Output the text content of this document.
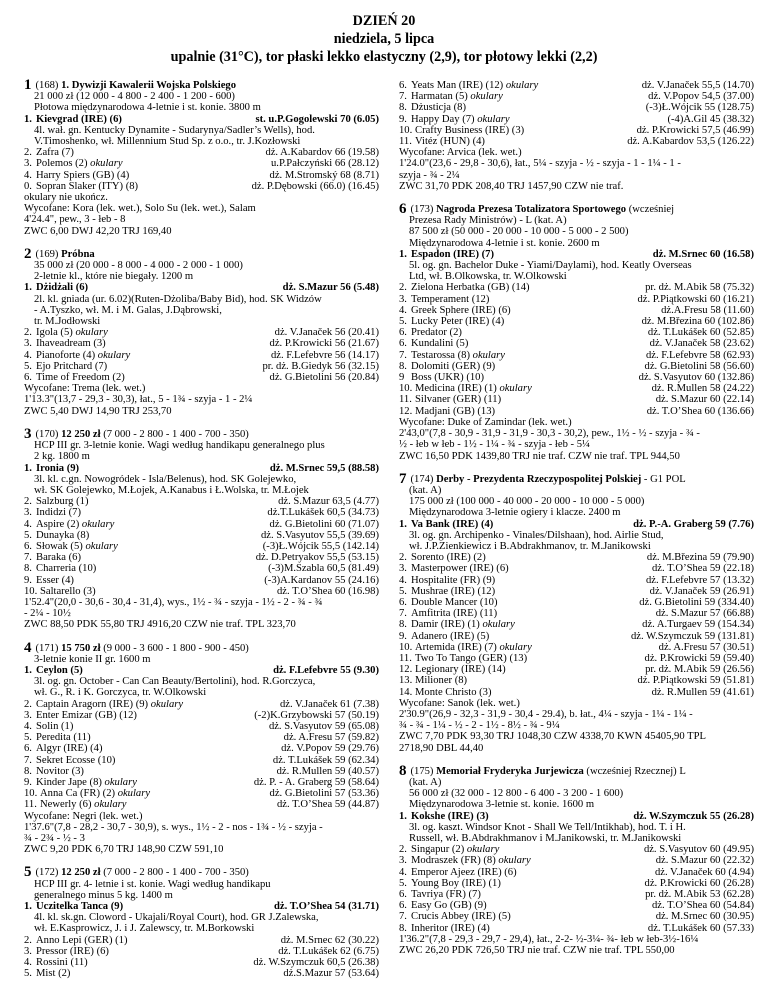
DZIEŃ 20
niedziela, 5 lipca
upalnie (31°C), tor płaski lekko elastyczny (2,9), tor płotowy lekki (2,2)
1 (168) 1. Dywizji Kawalerii Wojska Polskiego
21 000 zł (12 000 - 4 800 - 2 400 - 1 200 - 600)
Płotowa międzynarodowa 4-letnie i st. konie. 3800 m
1. Kievgrad (IRE) (6)	st. u.P.Gogolewski 70 (6.05)
4l. wał. gn. Kentucky Dynamite - Sudarynya/Sadler’s Wells), hod.
V.Timoshenko, wł. Millennium Stud Sp. z o.o., tr. J.Kozłowski
2. Zafra (7)	dż. A.Kabardov 66 (19.58)
3. Polemos (2) okulary	u.P.Pałczyński 66 (28.12)
4. Harry Spiers (GB) (4)	dż. M.Stromský 68 (8.71)
0. Sopran Slaker (ITY) (8)	dż. P.Dębowski (66.0) (16.45)
okulary nie ukończ.
Wycofane: Kora (lek. wet.), Solo Su (lek. wet.), Salam
4'24.4", pew., 3 - łeb - 8
ZWC 6,00 DWJ 42,20 TRJ 169,40
2 (169) Próbna
35 000 zł (20 000 - 8 000 - 4 000 - 2 000 - 1 000)
2-letnie kl., które nie biegały. 1200 m
1. Dżidżali (6)	dż. S.Mazur 56 (5.48)
2l. kl. gniada (ur. 6.02)(Ruten-Dżoliba/Baby Bid), hod. SK Widzów
- A.Tyszko, wł. M. i M. Galas, J.Dąbrowski,
tr. M.Jodłowski
2. Igola (5) okulary	dż. V.Janaček 56 (20.41)
3. Ihaveadream (3)	dż. P.Krowicki 56 (21.67)
4. Pianoforte (4) okulary	dż. F.Lefebvre 56 (14.17)
5. Ejo Pritchard (7)	pr. dż. B.Giedyk 56 (32.15)
6. Time of Freedom (2)	dż. G.Bietolini 56 (20.84)
Wycofane: Trema (lek. wet.)
1'13.3"(13,7 - 29,3 - 30,3), łat., 5 - 1¾ - szyja - 1 - 2¼
ZWC 5,40 DWJ 14,90 TRJ 253,70
3 (170) 12 250 zł (7 000 - 2 800 - 1 400 - 700 - 350)
HCP III gr. 3-letnie konie. Wagi według handikapu generalnego plus
2 kg. 1800 m
1. Ironia (9)	dż. M.Srnec 59,5 (88.58)
3l. kl. c.gn. Nowogródek - Isla/Belenus), hod. SK Golejewko,
wł. SK Golejewko, M.Łojek, A.Kanabus i Ł.Wolska, tr. M.Łojek
2. Salzburg (1)	dż. S.Mazur 63,5 (4.77)
3. Indidzi (7)	dż.T.Lukášek 60,5 (34.73)
4. Aspire (2) okulary	dż. G.Bietolini 60 (71.07)
5. Dunayka (8)	dż. S.Vasyutov 55,5 (39.69)
6. Słowak (5) okulary	(-3)Ł.Wójcik 55,5 (142.14)
7. Baraka (6)	dż. D.Petryakov 55,5 (53.15)
8. Charreria (10)	(-3)M.Szabla 60,5 (81.49)
9. Esser (4)	(-3)A.Kardanov 55 (24.16)
10. Saltarello (3)	dż. T.O’Shea 60 (16.98)
1'52.4"(20,0 - 30,6 - 30,4 - 31,4), wys., 1½ - ¾ - szyja - 1½ - 2 - ¾ - ¾
- 2¼ - 10½
ZWC 88,50 PDK 55,80 TRJ 4916,20 CZW nie traf. TPL 323,70
4 (171) 15 750 zł (9 000 - 3 600 - 1 800 - 900 - 450)
3-letnie konie II gr. 1600 m
1. Ceylon (5)	dż. F.Lefebvre 55 (9.30)
3l. og. gn. October - Can Can Beauty/Bertolini), hod. R.Gorczyca,
wł. G., R. i K. Gorczyca, tr. W.Olkowski
2. Captain Aragorn (IRE) (9) okulary	dż. V.Janaček 61 (7.38)
3. Enter Emizar (GB) (12)	(-2)K.Grzybowski 57 (50.19)
4. Solin (1)	dż. S.Vasyutov 59 (65.08)
5. Peredita (11)	dż. A.Fresu 57 (59.82)
6. Algyr (IRE) (4)	dż. V.Popov 59 (29.76)
7. Sekret Ecosse (10)	dż. T.Lukášek 59 (62.34)
8. Novitor (3)	dż. R.Mullen 59 (40.57)
9. Kinder Jape (8) okulary	dż. P. - A. Graberg 59 (58.64)
10. Anna Ca (FR) (2) okulary	dż. G.Bietolini 57 (53.36)
11. Newerly (6) okulary	dż. T.O’Shea 59 (44.87)
Wycofane: Negri (lek. wet.)
1'37.6"(7,8 - 28,2 - 30,7 - 30,9), s. wys., 1½ - 2 - nos - 1¾ - ½ - szyja -
¾ - 2¾ - ½ - 3
ZWC 9,20 PDK 6,70 TRJ 148,90 CZW 591,10
5 (172) 12 250 zł (7 000 - 2 800 - 1 400 - 700 - 350)
HCP III gr. 4- letnie i st. konie. Wagi według handikapu
generalnego minus 5 kg. 1400 m
1. Uczitelka Tanca (9)	dż. T.O’Shea 54 (31.71)
4l. kl. sk.gn. Cloword - Ukajali/Royal Court), hod. GR J.Zalewska,
wł. E.Kasprowicz, J. i J. Zalewscy, tr. M.Borkowski
2. Anno Lepi (GER) (1)	dż. M.Srnec 62 (30.22)
3. Pressor (IRE) (6)	dż. T.Lukášek 62 (6.75)
4. Rossini (11)	dż. W.Szymczuk 60,5 (26.38)
5. Mist (2)	dż.S.Mazur 57 (53.64)
6. Yeats Man (IRE) (12) okulary	dż. V.Janaček 55,5 (14.70)
7. Harmatan (5) okulary	dż. V.Popov 54,5 (37.00)
8. Dżusticja (8)	(-3)Ł.Wójcik 55 (128.75)
9. Happy Day (7) okulary	(-4)A.Gil 45 (38.32)
10. Crafty Business (IRE) (3)	dż. P.Krowicki 57,5 (46.99)
11. Vitéz (HUN) (4)	dż. A.Kabardov 53,5 (126.22)
Wycofane: Arvica (lek. wet.)
1'24.0"(23,6 - 29,8 - 30,6), łat., 5¼ - szyja - ½ - szyja - 1 - 1¼ - 1 -
szyja - ¾ - 2¼
ZWC 31,70 PDK 208,40 TRJ 1457,90 CZW nie traf.
6 (173) Nagroda Prezesa Totalizatora Sportowego (wcześniej
Prezesa Rady Ministrów) - L (kat. A)
87 500 zł (50 000 - 20 000 - 10 000 - 5 000 - 2 500)
Międzynarodowa 4-letnie i st. konie. 2600 m
1. Espadon (IRE) (7)	dż. M.Srnec 60 (16.58)
5l. og. gn. Bachelor Duke - Yiami/Daylami), hod. Keatly Overseas
Ltd, wł. B.Olkowska, tr. W.Olkowski
2. Zielona Herbatka (GB) (14)	pr. dż. M.Abik 58 (75.32)
3. Temperament (12)	dż. P.Piątkowski 60 (16.21)
4. Greek Sphere (IRE) (6)	dż.A.Fresu 58 (11.60)
5. Lucky Peter (IRE) (4)	dż. M.Březina 60 (102.86)
6. Predator (2)	dż. T.Lukášek 60 (52.85)
6. Kundalini (5)	dż. V.Janaček 58 (23.62)
7. Testarossa (8) okulary	dż. F.Lefebvre 58 (62.93)
8. Dolomiti (GER) (9)	dż. G.Bietolini 58 (56.60)
9 Boss (UKR) (10)	dż. S.Vasyutov 60 (132.86)
10. Medicina (IRE) (1) okulary	dż. R.Mullen 58 (24.22)
11. Silvaner (GER) (11)	dż. S.Mazur 60 (22.14)
12. Madjani (GB) (13)	dż. T.O’Shea 60 (136.66)
Wycofane: Duke of Zamindar (lek. wet.)
2'43,0"(7,8 - 30,9 - 31,9 - 31,9 - 30,3 - 30,2), pew., 1½ - ½ - szyja - ¾ -
½ - łeb w łeb - 1½ - 1¼ - ¾ - szyja - łeb - 5¼
ZWC 16,50 PDK 1439,80 TRJ nie traf. CZW nie traf. TPL 944,50
7 (174) Derby - Prezydenta Rzeczypospolitej Polskiej - G1 POL
(kat. A)
175 000 zł (100 000 - 40 000 - 20 000 - 10 000 - 5 000)
Międzynarodowa 3-letnie ogiery i klacze. 2400 m
1. Va Bank (IRE) (4)	dż. P.-A. Graberg 59 (7.76)
3l. og. gn. Archipenko - Vinales/Dilshaan), hod. Airlie Stud,
wł. J.P.Zienkiewicz i B.Abdrakhmanov, tr. M.Janikowski
2. Sorento (IRE) (2)	dż. M.Březina 59 (79.90)
3. Masterpower (IRE) (6)	dż. T.O’Shea 59 (22.18)
4. Hospitalite (FR) (9)	dż. F.Lefebvre 57 (13.32)
5. Mushrae (IRE) (12)	dż. V.Janaček 59 (26.91)
6. Double Mancer (10)	dż. G.Bietolini 59 (334.40)
7. Amfitrita (IRE) (11)	dż. S.Mazur 57 (66.88)
8. Damir (IRE) (1) okulary	dż. A.Turgaev 59 (154.34)
9. Adanero (IRE) (5)	dż. W.Szymczuk 59 (131.81)
10. Artemida (IRE) (7) okulary	dż. A.Fresu 57 (30.51)
11. Two To Tango (GER) (13)	dż. P.Krowicki 59 (59.40)
12. Legionary (IRE) (14)	pr. dż. M.Abik 59 (26.56)
13. Milioner (8)	dż. P.Piątkowski 59 (51.81)
14. Monte Christo (3)	dż. R.Mullen 59 (41.61)
Wycofane: Sanok (lek. wet.)
2'30.9"(26,9 - 32,3 - 31,9 - 30,4 - 29.4), b. łat., 4¼ - szyja - 1¼ - 1¼ -
¾ - ¾ - 1¼ - ½ - 2 - 1½ - 8½ - ¾ - 9¼
ZWC 7,70 PDK 93,30 TRJ 1048,30 CZW 4338,70 KWN 45405,90 TPL
2718,90 DBL 44,40
8 (175) Memoriał Fryderyka Jurjewicza (wcześniej Rzecznej) L
(kat. A)
56 000 zł (32 000 - 12 800 - 6 400 - 3 200 - 1 600)
Międzynarodowa 3-letnie st. konie. 1600 m
1. Kokshe (IRE) (3)	dż. W.Szymczuk 55 (26.28)
3l. og. kaszt. Windsor Knot - Shall We Tell/Intikhab), hod. T. i H.
Russell, wł. B.Abdrakhmanov i M.Janikowski, tr. M.Janikowski
2. Singapur (2) okulary	dż. S.Vasyutov 60 (49.95)
3. Modraszek (FR) (8) okulary	dż. S.Mazur 60 (22.32)
4. Emperor Ajeez (IRE) (6)	dż. V.Janaček 60 (4.94)
5. Young Boy (IRE) (1)	dż. P.Krowicki 60 (26.28)
6. Tavriya (FR) (7)	pr. dż. M.Abik 53 (62.28)
6. Easy Go (GB) (9)	dż. T.O’Shea 60 (54.84)
7. Crucis Abbey (IRE) (5)	dż. M.Srnec 60 (30.95)
8. Inheritor (IRE) (4)	dż. T.Lukášek 60 (57.33)
1'36.2"(7,8 - 29,3 - 29,7 - 29,4), łat., 2-2- ½-3¼- ¾- łeb w łeb-3½-16¼
ZWC 26,20 PDK 726,50 TRJ nie traf. CZW nie traf. TPL 550,00
